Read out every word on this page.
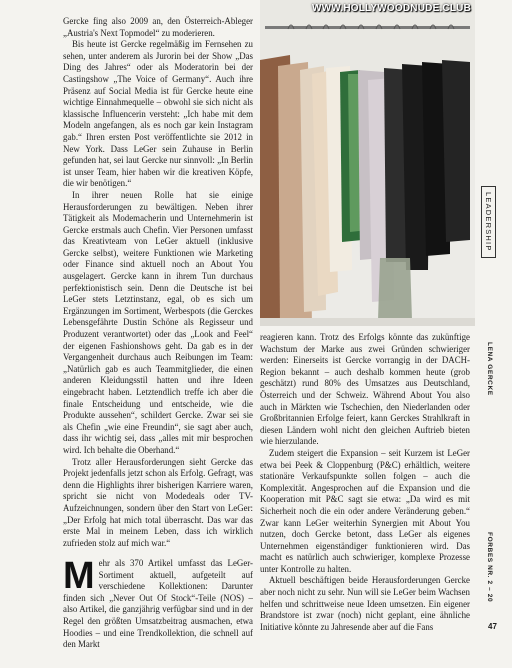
Gercke fing also 2009 an, den Österreich-Ableger „Austria's Next Topmodel“ zu moderieren.

Bis heute ist Gercke regelmäßig im Fernsehen zu sehen, unter anderem als Jurorin bei der Show „Das Ding des Jahres“ oder als Moderatorin bei der Castingshow „The Voice of Germany“. Auch ihre Präsenz auf Social Media ist für Gercke heute eine wichtige Einnahmequelle – obwohl sie sich nicht als klassische Influencerin versteht: „Ich habe mit dem Modeln angefangen, als es noch gar kein Instagram gab.“ Ihren ersten Post veröffentlichte sie 2012 in New York. Dass LeGer sein Zuhause in Berlin gefunden hat, sei laut Gercke nur sinnvoll: „In Berlin ist unser Team, hier haben wir die kreativen Köpfe, die wir benötigen.“

In ihrer neuen Rolle hat sie einige Herausforderungen zu bewältigen. Neben ihrer Tätigkeit als Modemacherin und Unternehmerin ist Gercke erstmals auch Chefin. Vier Personen umfasst das Kreativteam von LeGer aktuell (inklusive Gercke selbst), weitere Funktionen wie Marketing oder Finance sind aktuell noch an About You ausgelagert. Gercke kann in ihrem Tun durchaus perfektionistisch sein. Denn die Deutsche ist bei LeGer stets Letztinstanz, egal, ob es sich um Ergänzungen im Sortiment, Werbespots (die Gerckes Lebensgefährte Dustin Schöne als Regisseur und Produzent verantwortet) oder das „Look and Feel“ der eigenen Fashionshows geht. Da gab es in der Vergangenheit durchaus auch Reibungen im Team: „Natürlich gab es auch Teammitglieder, die einen anderen Kleidungsstil hatten und ihre Ideen eingebracht haben. Letztendlich treffe ich aber die finale Entscheidung und entscheide, wie die Produkte aussehen“, schildert Gercke. Zwar sei sie als Chefin „wie eine Freundin“, sie sagt aber auch, dass ihr wichtig sei, dass „alles mit mir besprochen wird. Ich behalte die Oberhand.“

Trotz aller Herausforderungen sieht Gercke das Projekt jedenfalls jetzt schon als Erfolg. Gefragt, was denn die Highlights ihrer bisherigen Karriere waren, spricht sie nicht von Modedeals oder TV-Aufzeichnungen, sondern über den Start von LeGer: „Der Erfolg hat mich total überrascht. Das war das erste Mal in meinem Leben, dass ich wirklich zufrieden stolz auf mich war.“

Mehr als 370 Artikel umfasst das LeGer-Sortiment aktuell, aufgeteilt auf verschiedene Kollektionen: Darunter finden sich „Never Out Of Stock“-Teile (NOS) – also Artikel, die ganzjährig verfügbar sind und in der Regel den größten Umsatzbeitrag ausmachen, etwa Hoodies – und eine Trendkollektion, die schnell auf den Markt

WWW.HOLLYWOODNUDE.CLUB

reagieren kann. Trotz des Erfolgs könnte das zukünftige Wachstum der Marke aus zwei Gründen schwieriger werden: Einerseits ist Gercke vorrangig in der DACH-Region bekannt – auch deshalb kommen heute (grob geschätzt) rund 80% des Umsatzes aus Deutschland, Österreich und der Schweiz. Während About You also auch in Märkten wie Tschechien, den Niederlanden oder Großbritannien Erfolge feiert, kann Gerckes Strahlkraft in diesen Ländern wohl nicht den gleichen Auftrieb bieten wie hierzulande.

Zudem steigert die Expansion – seit Kurzem ist LeGer etwa bei Peek & Cloppenburg (P&C) erhältlich, weitere stationäre Verkaufspunkte sollen folgen – auch die Komplexität. Angesprochen auf die Expansion und die Kooperation mit P&C sagt sie etwa: „Da wird es mit Sicherheit noch die ein oder andere Veränderung geben.“ Zwar kann LeGer weiterhin Synergien mit About You nutzen, doch Gercke betont, dass LeGer als eigenes Unternehmen eigenständiger funktionieren wird. Das macht es natürlich auch schwieriger, komplexe Prozesse unter Kontrolle zu halten.

Aktuell beschäftigen beide Herausforderungen Gercke aber noch nicht zu sehr. Nun will sie LeGer beim Wachsen helfen und schrittweise neue Ideen umsetzen. Ein eigener Brandstore ist zwar (noch) nicht geplant, eine ähnliche Initiative könnte zu Jahresende aber auf die Fans

LEADERSHIP
LENA GERCKE
FORBES NR. 2 – 20
47
